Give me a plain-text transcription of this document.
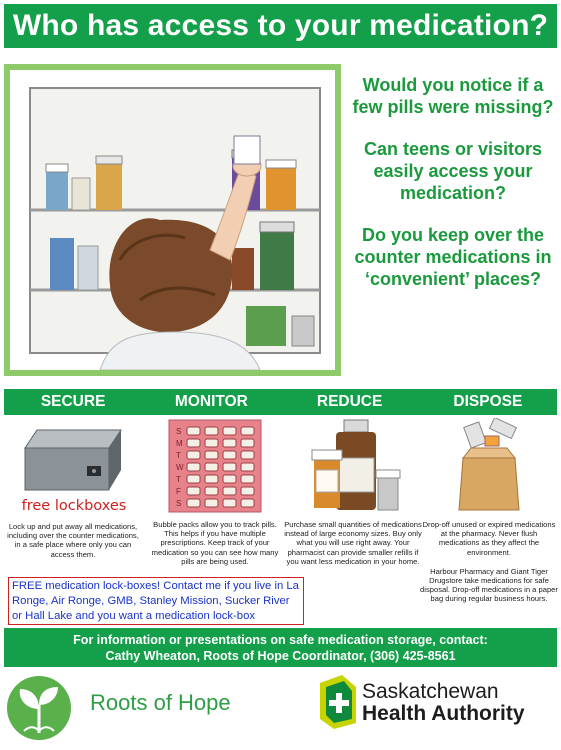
Who has access to your medication?
Would you notice if a few pills were missing?
Can teens or visitors easily access your medication?
Do you keep over the counter medications in ‘convenient’ places?
SECURE	MONITOR	REDUCE	DISPOSE
Lock up and put away all medications, including over the counter medications, in a safe place where only you can access them.
free lockboxes
S
M
T
W
T
F
S
Bubble packs allow you to track pills. This helps if you have multiple prescriptions. Keep track of your medication so you can see how many pills are being used.
Purchase small quantities of medications instead of large economy sizes. Buy only what you will use right away. Your pharmacist can provide smaller refills if you want less medication in your home.
Drop-off unused or expired medications at the pharmacy. Never flush medications as they affect the environment.
Harbour Pharmacy and Giant Tiger Drugstore take medications for safe disposal. Drop-off medications in a paper bag during regular business hours.
FREE medication lock-boxes! Contact me if you live in La Ronge, Air Ronge, GMB, Stanley Mission, Sucker River or Hall Lake and you want a medication lock-box
For information or presentations on safe medication storage, contact:
Cathy Wheaton, Roots of Hope Coordinator, (306) 425-8561
Roots of Hope	Saskatchewan
Health Authority
